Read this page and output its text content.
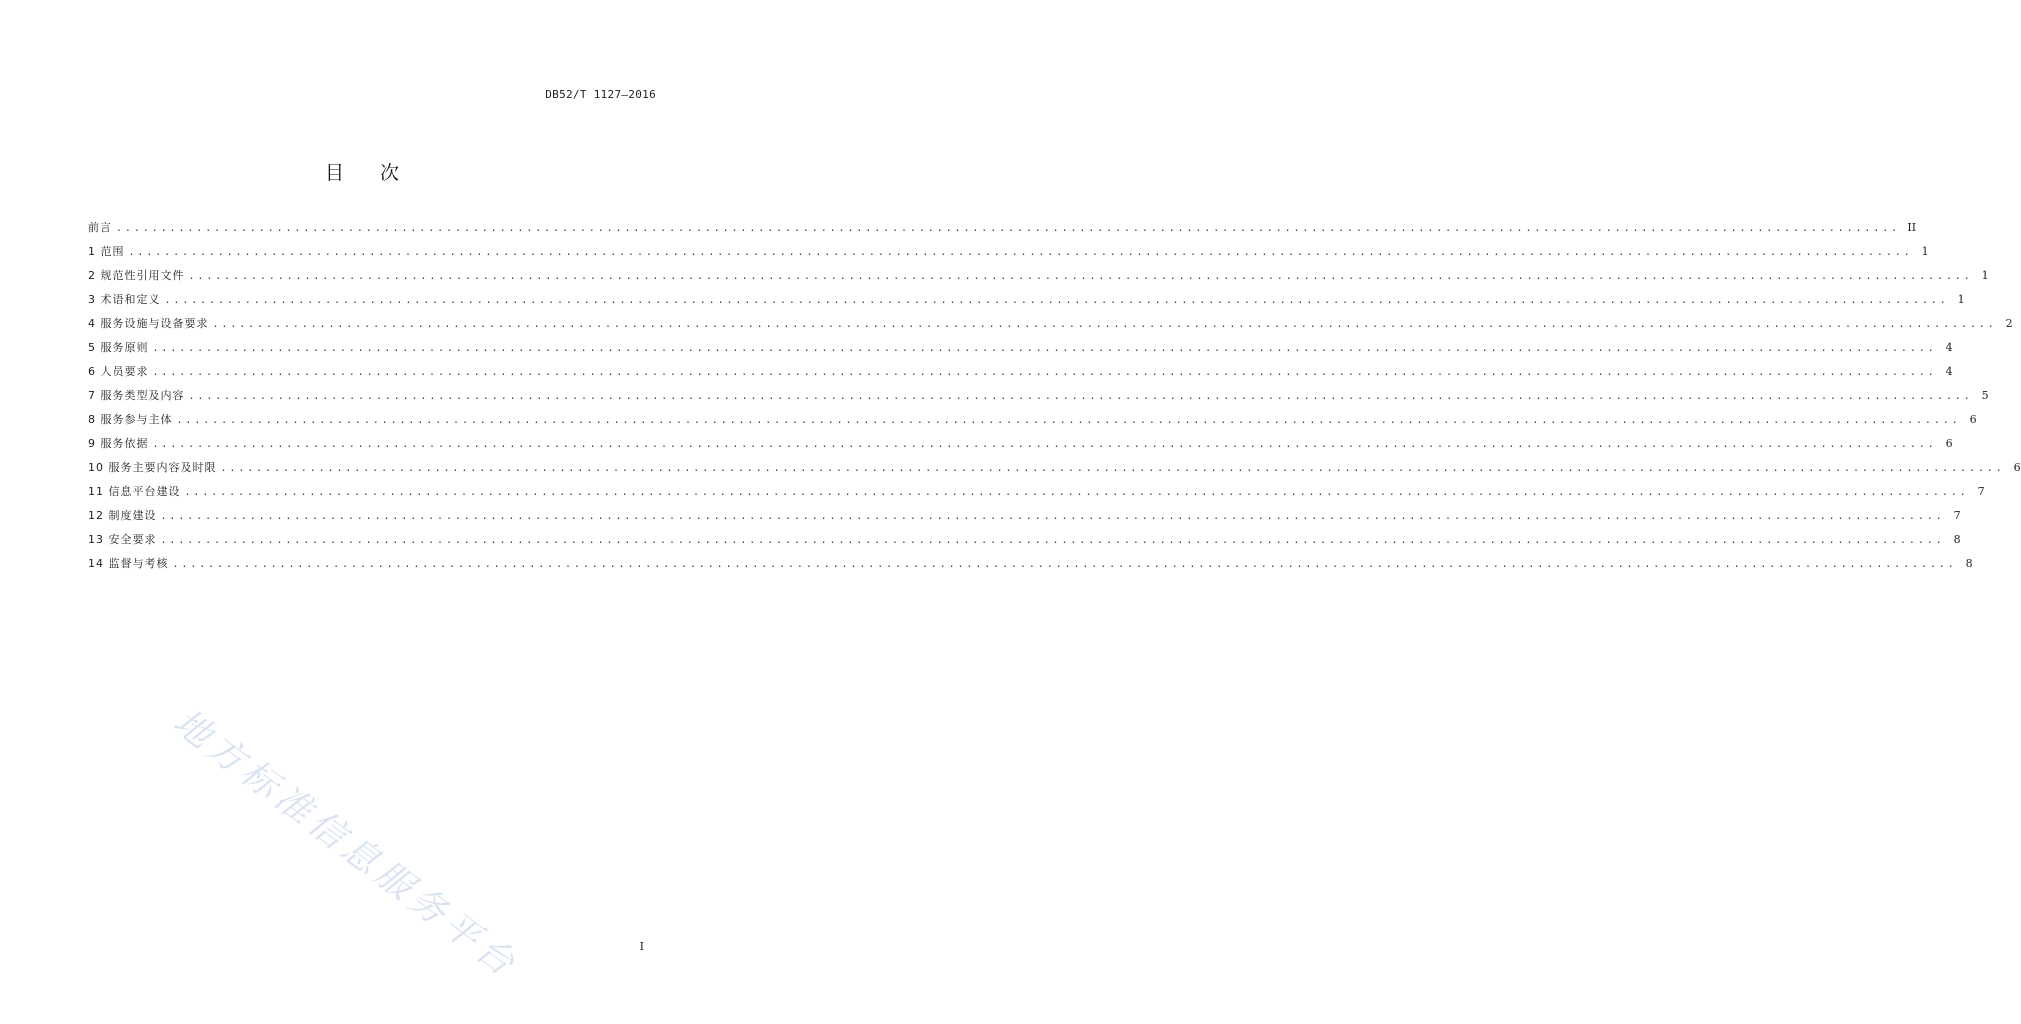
DB52/T 1127—2016
目次
前言 ........................................................................................................................................................................................................ II
1 范围 ........................................................................................................................................................................................................ 1
2 规范性引用文件 ........................................................................................................................................................................................................ 1
3 术语和定义 ........................................................................................................................................................................................................ 1
4 服务设施与设备要求 ........................................................................................................................................................................................................ 2
5 服务原则 ........................................................................................................................................................................................................ 4
6 人员要求 ........................................................................................................................................................................................................ 4
7 服务类型及内容 ........................................................................................................................................................................................................ 5
8 服务参与主体 ........................................................................................................................................................................................................ 6
9 服务依据 ........................................................................................................................................................................................................ 6
10 服务主要内容及时限 ........................................................................................................................................................................................................ 6
11 信息平台建设 ........................................................................................................................................................................................................ 7
12 制度建设 ........................................................................................................................................................................................................ 7
13 安全要求 ........................................................................................................................................................................................................ 8
14 监督与考核 ........................................................................................................................................................................................................ 8
地方标准信息服务平台	I
